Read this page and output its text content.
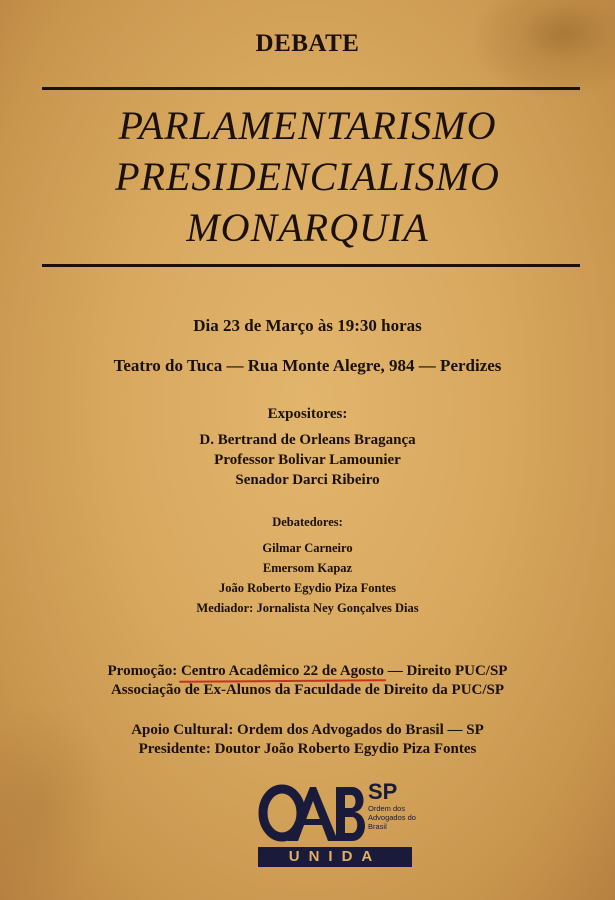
DEBATE
PARLAMENTARISMO
PRESIDENCIALISMO
MONARQUIA
Dia 23 de Março às 19:30 horas
Teatro do Tuca — Rua Monte Alegre, 984 — Perdizes
Expositores:
D. Bertrand de Orleans Bragança
Professor Bolivar Lamounier
Senador Darci Ribeiro
Debatedores:
Gilmar Carneiro
Emersom Kapaz
João Roberto Egydio Piza Fontes
Mediador: Jornalista Ney Gonçalves Dias
Promoção: Centro Acadêmico 22 de Agosto — Direito PUC/SP
Associação de Ex-Alunos da Faculdade de Direito da PUC/SP
Apoio Cultural: Ordem dos Advogados do Brasil — SP
Presidente: Doutor João Roberto Egydio Piza Fontes
SP
Ordem dos Advogados do Brasil
UNIDA
